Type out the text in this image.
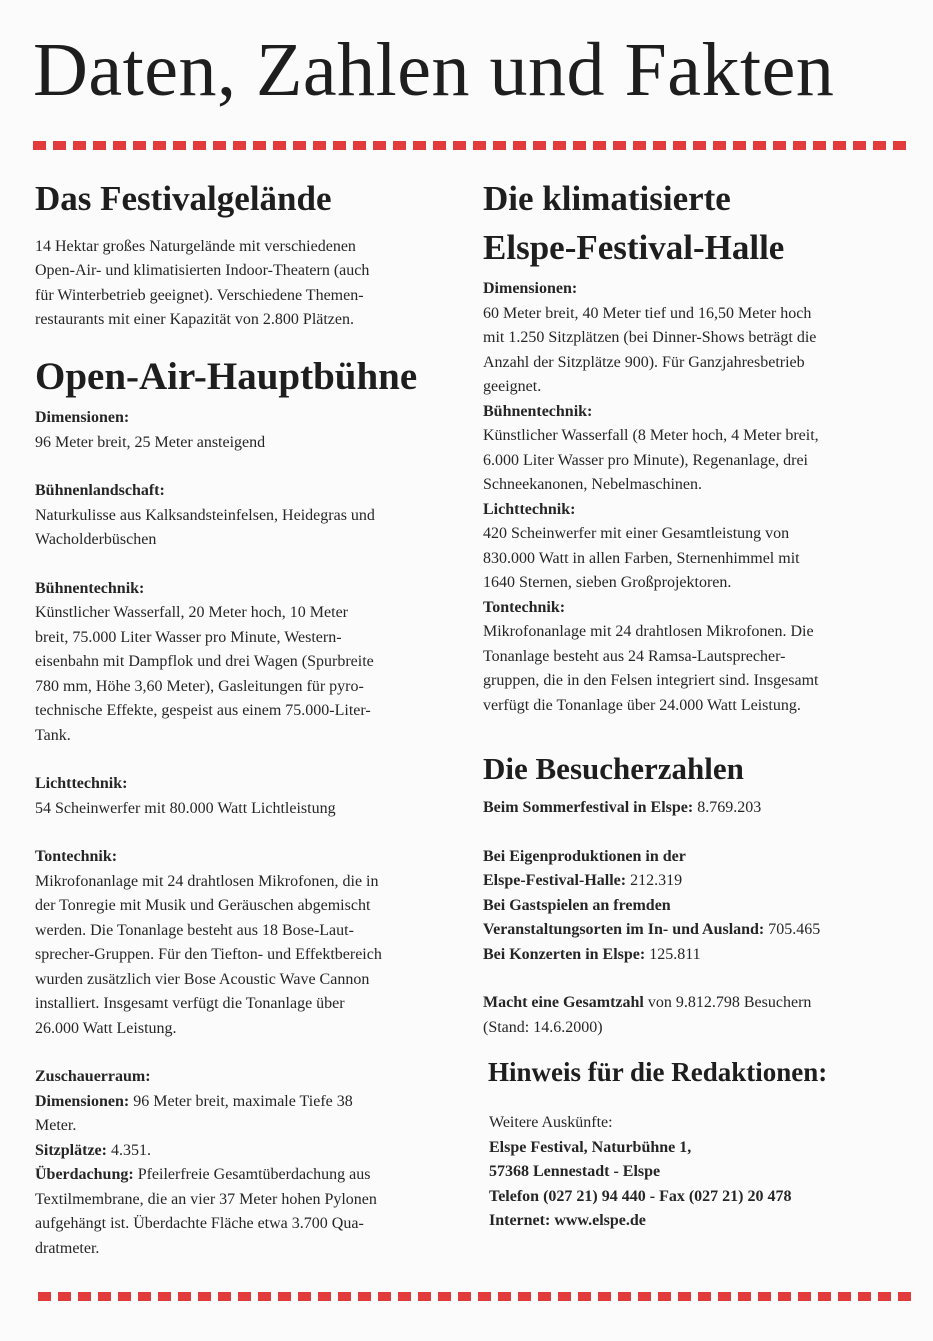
Daten, Zahlen und Fakten
Das Festivalgelände
14 Hektar großes Naturgelände mit verschiedenen
Open-Air- und klimatisierten Indoor-Theatern (auch
für Winterbetrieb geeignet). Verschiedene Themen-
restaurants mit einer Kapazität von 2.800 Plätzen.
Open-Air-Hauptbühne
Dimensionen:
96 Meter breit, 25 Meter ansteigend
Bühnenlandschaft:
Naturkulisse aus Kalksandsteinfelsen, Heidegras und
Wacholderbüschen
Bühnentechnik:
Künstlicher Wasserfall, 20 Meter hoch, 10 Meter
breit, 75.000 Liter Wasser pro Minute, Western-
eisenbahn mit Dampflok und drei Wagen (Spurbreite
780 mm, Höhe 3,60 Meter), Gasleitungen für pyro-
technische Effekte, gespeist aus einem 75.000-Liter-
Tank.
Lichttechnik:
54 Scheinwerfer mit 80.000 Watt Lichtleistung
Tontechnik:
Mikrofonanlage mit 24 drahtlosen Mikrofonen, die in
der Tonregie mit Musik und Geräuschen abgemischt
werden. Die Tonanlage besteht aus 18 Bose-Laut-
sprecher-Gruppen. Für den Tiefton- und Effektbereich
wurden zusätzlich vier Bose Acoustic Wave Cannon
installiert. Insgesamt verfügt die Tonanlage über
26.000 Watt Leistung.
Zuschauerraum:
Dimensionen: 96 Meter breit, maximale Tiefe 38
Meter.
Sitzplätze: 4.351.
Überdachung: Pfeilerfreie Gesamtüberdachung aus
Textilmembrane, die an vier 37 Meter hohen Pylonen
aufgehängt ist. Überdachte Fläche etwa 3.700 Qua-
dratmeter.
Die klimatisierte
Elspe-Festival-Halle
Dimensionen:
60 Meter breit, 40 Meter tief und 16,50 Meter hoch
mit 1.250 Sitzplätzen (bei Dinner-Shows beträgt die
Anzahl der Sitzplätze 900). Für Ganzjahresbetrieb
geeignet.
Bühnentechnik:
Künstlicher Wasserfall (8 Meter hoch, 4 Meter breit,
6.000 Liter Wasser pro Minute), Regenanlage, drei
Schneekanonen, Nebelmaschinen.
Lichttechnik:
420 Scheinwerfer mit einer Gesamtleistung von
830.000 Watt in allen Farben, Sternenhimmel mit
1640 Sternen, sieben Großprojektoren.
Tontechnik:
Mikrofonanlage mit 24 drahtlosen Mikrofonen. Die
Tonanlage besteht aus 24 Ramsa-Lautsprecher-
gruppen, die in den Felsen integriert sind. Insgesamt
verfügt die Tonanlage über 24.000 Watt Leistung.
Die Besucherzahlen
Beim Sommerfestival in Elspe: 8.769.203
Bei Eigenproduktionen in der
Elspe-Festival-Halle: 212.319
Bei Gastspielen an fremden
Veranstaltungsorten im In- und Ausland: 705.465
Bei Konzerten in Elspe: 125.811
Macht eine Gesamtzahl von 9.812.798 Besuchern
(Stand: 14.6.2000)
Hinweis für die Redaktionen:
Weitere Auskünfte:
Elspe Festival, Naturbühne 1,
57368 Lennestadt - Elspe
Telefon (027 21) 94 440 - Fax (027 21) 20 478
Internet: www.elspe.de
